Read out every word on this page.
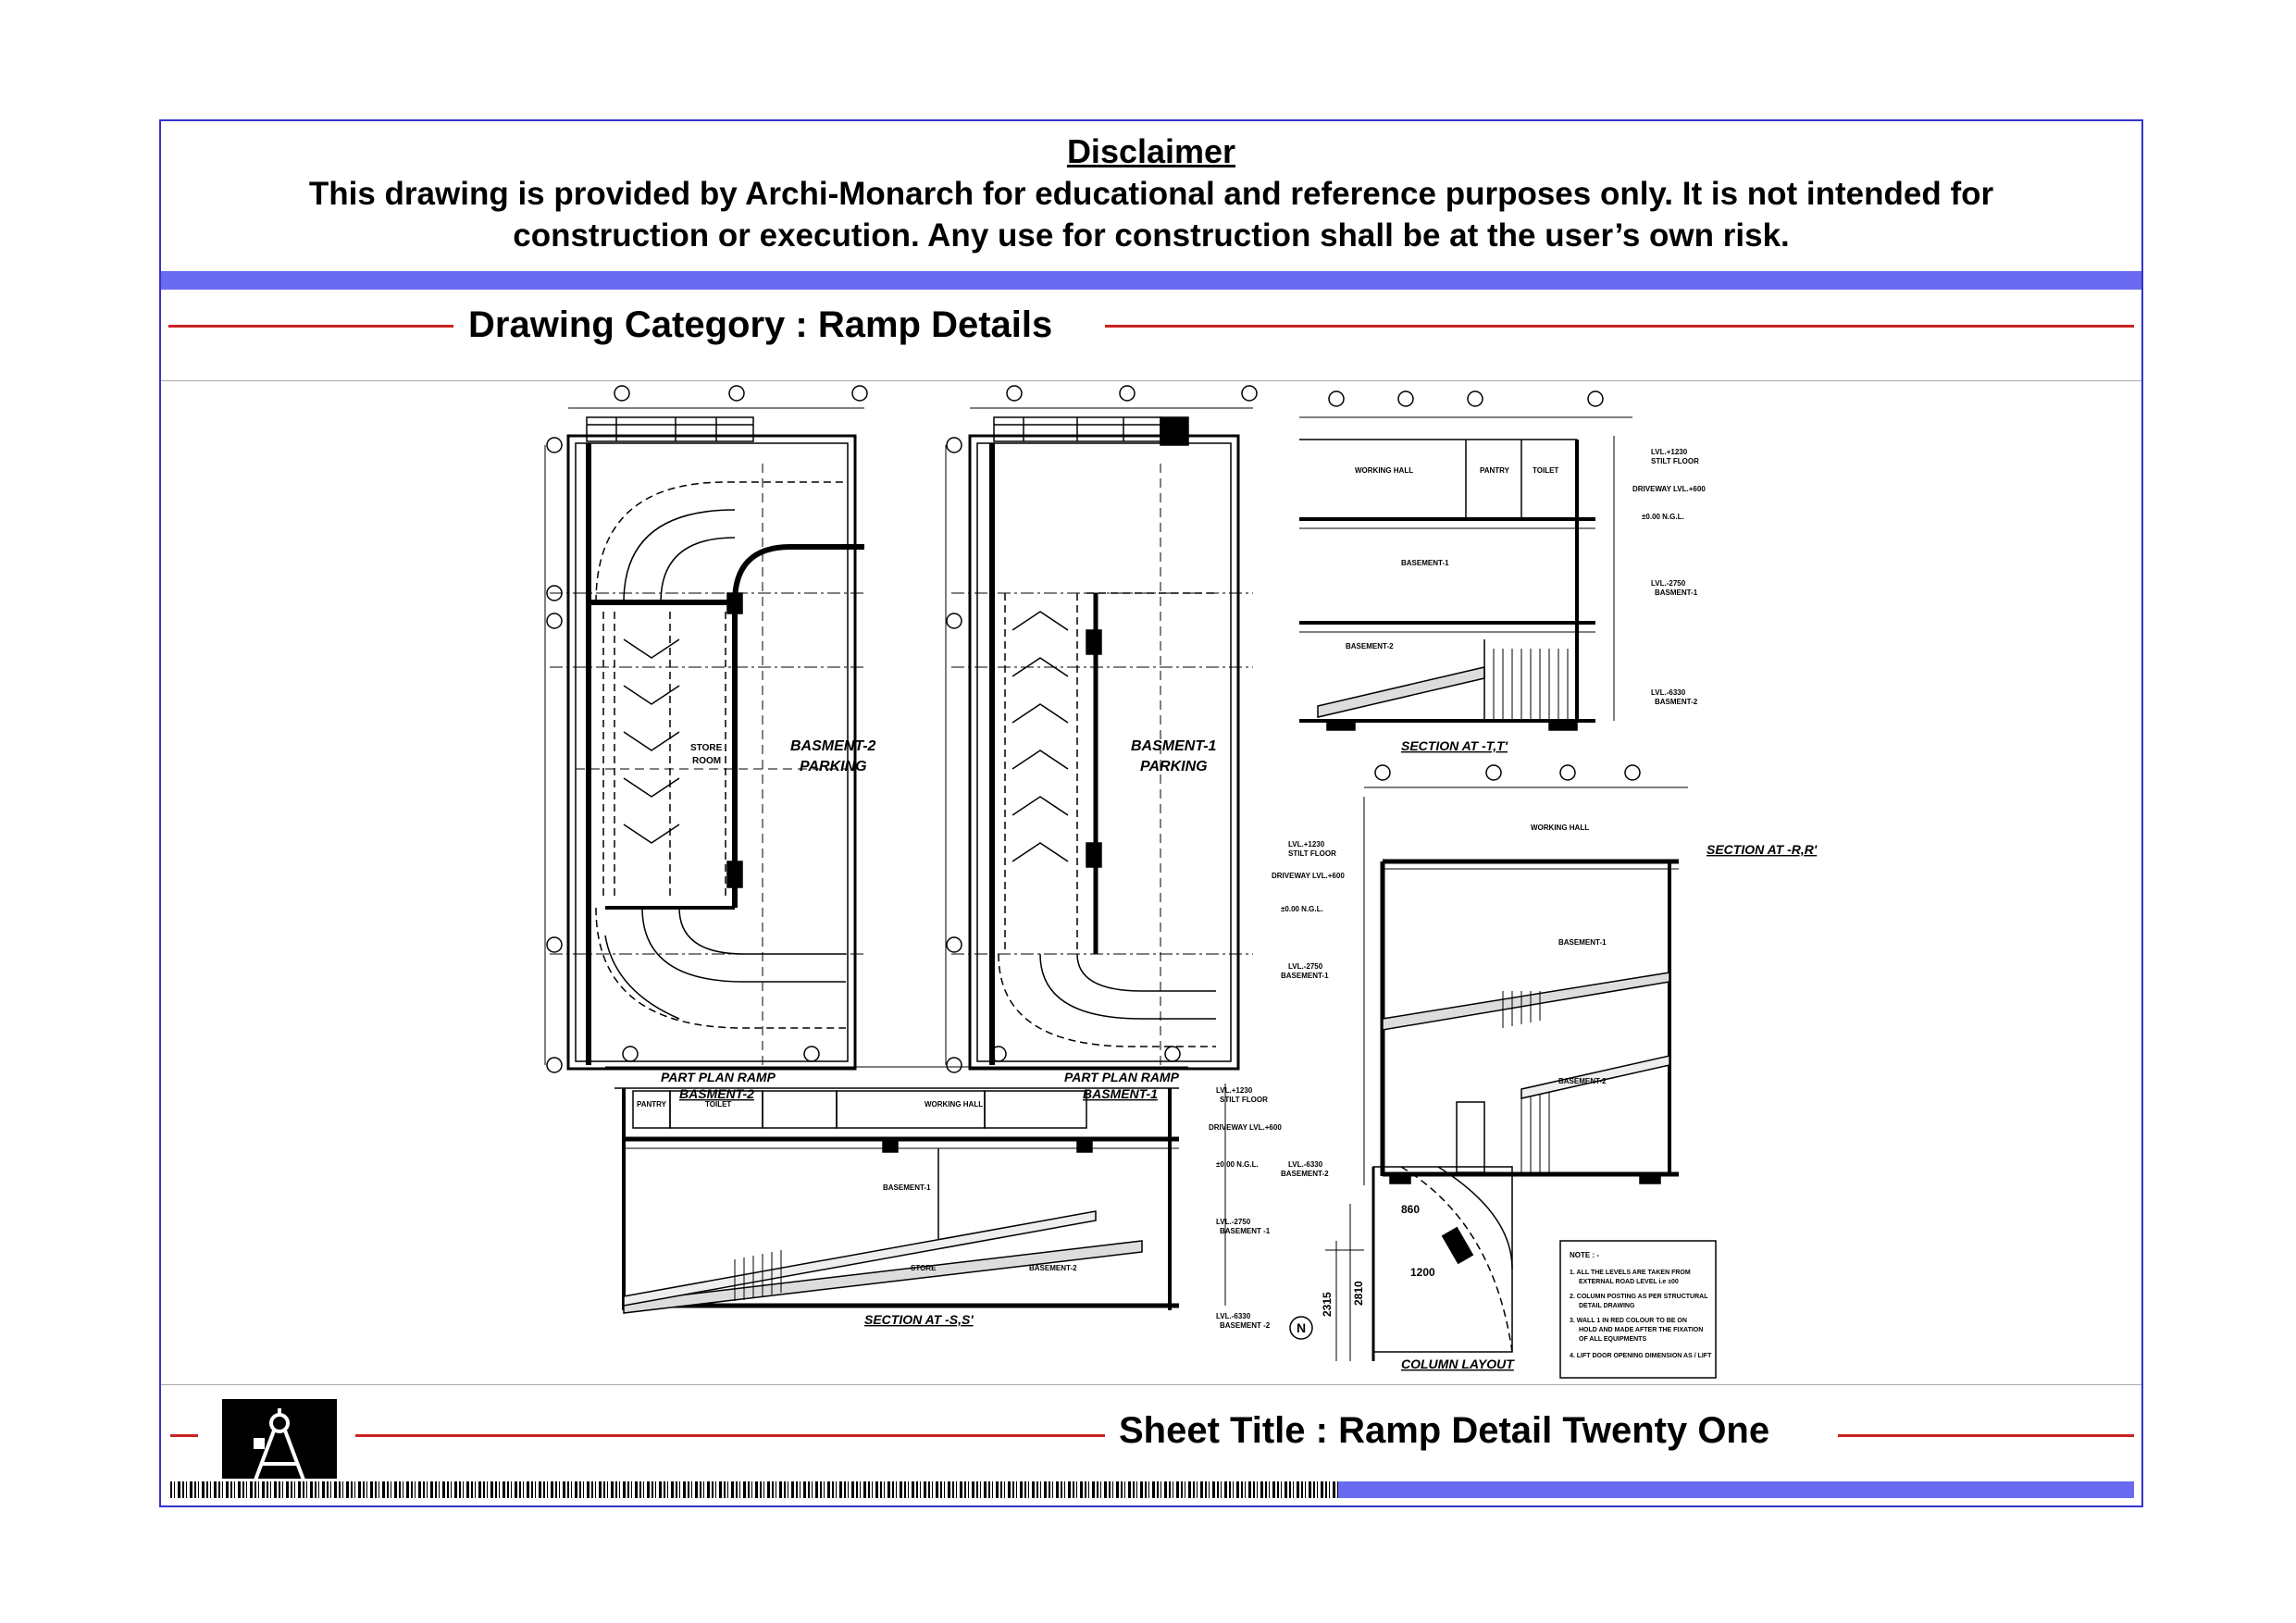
Disclaimer
This drawing is provided by Archi-Monarch for educational and reference purposes only. It is not intended for
construction or execution. Any use for construction shall be at the user’s own risk.
Drawing Category : Ramp Details
BASMENT-2
PARKING
STORE
ROOM
PART PLAN RAMP
BASMENT-2
BASMENT-1
PARKING
PART PLAN RAMP
BASMENT-1
SECTION AT -T,T'
SECTION AT -R,R'
SECTION AT -S,S'
COLUMN LAYOUT
WORKING HALL	PANTRY	TOILET
BASEMENT-1
BASEMENT-2
LVL.+1230
STILT FLOOR
DRIVEWAY LVL.+600
±0.00 N.G.L.
LVL.-2750
BASMENT-1
LVL.-6330
BASMENT-2
WORKING HALL
BASEMENT-1
BASEMENT-2
LVL.+1230
STILT FLOOR
DRIVEWAY LVL.+600
±0.00 N.G.L.
LVL.-2750
BASEMENT-1
LVL.-6330
BASEMENT-2
PANTRY	TOILET	WORKING HALL
BASEMENT-1
BASEMENT-2
STORE
LVL.+1230
STILT FLOOR
DRIVEWAY LVL.+600
±0.00 N.G.L.
LVL.-2750
BASEMENT -1
LVL.-6330
BASEMENT -2
860
1200
2315 2810
N
NOTE : -
1. ALL THE LEVELS ARE TAKEN FROM
EXTERNAL ROAD LEVEL i.e ±00
2. COLUMN POSTING AS PER STRUCTURAL
DETAIL DRAWING
3. WALL 1 IN RED COLOUR TO BE ON
HOLD AND MADE AFTER THE FIXATION
OF ALL EQUIPMENTS
4. LIFT DOOR OPENING DIMENSION AS / LIFT
Sheet Title : Ramp Detail Twenty One
